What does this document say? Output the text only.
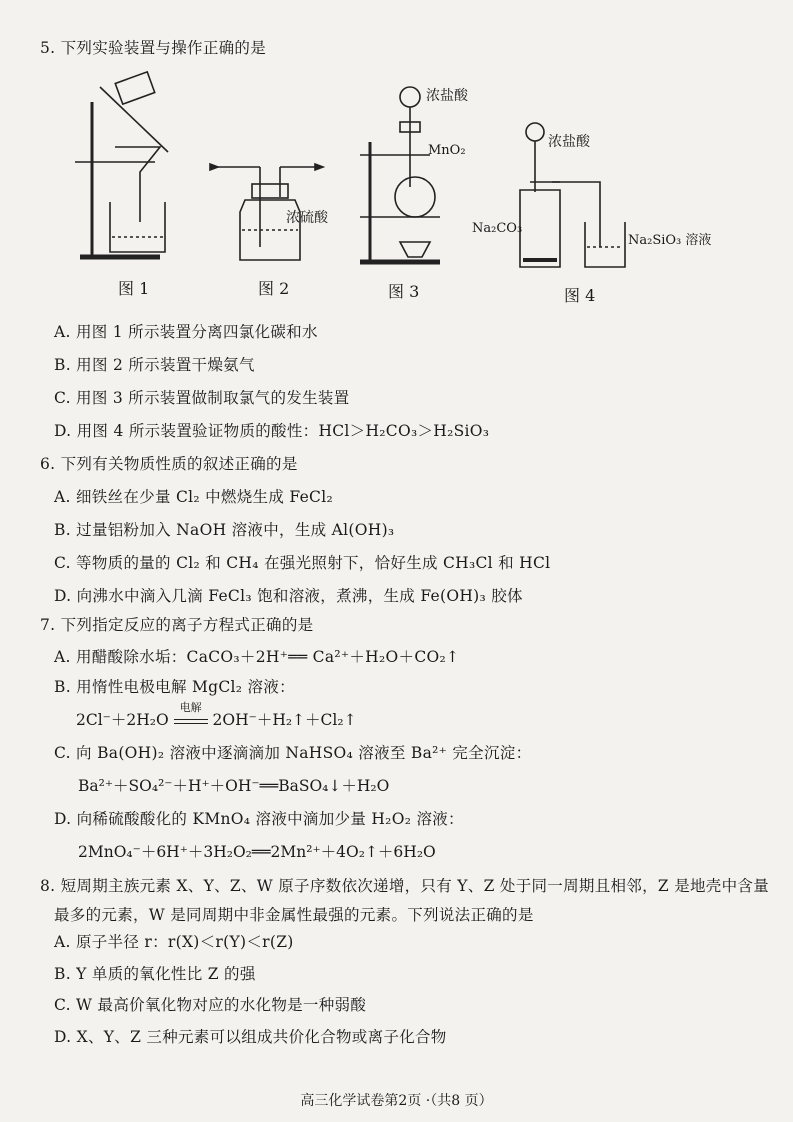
5. 下列实验装置与操作正确的是
浓盐酸
MnO₂
浓硫酸
浓盐酸
Na₂CO₃
Na₂SiO₃ 溶液
图 1	图 2	图 3	图 4
A. 用图 1 所示装置分离四氯化碳和水
B. 用图 2 所示装置干燥氨气
C. 用图 3 所示装置做制取氯气的发生装置
D. 用图 4 所示装置验证物质的酸性：HCl＞H₂CO₃＞H₂SiO₃
6. 下列有关物质性质的叙述正确的是
A. 细铁丝在少量 Cl₂ 中燃烧生成 FeCl₂
B. 过量铝粉加入 NaOH 溶液中，生成 Al(OH)₃
C. 等物质的量的 Cl₂ 和 CH₄ 在强光照射下，恰好生成 CH₃Cl 和 HCl
D. 向沸水中滴入几滴 FeCl₃ 饱和溶液，煮沸，生成 Fe(OH)₃ 胶体
7. 下列指定反应的离子方程式正确的是
A. 用醋酸除水垢：CaCO₃＋2H⁺══ Ca²⁺＋H₂O＋CO₂↑
B. 用惰性电极电解 MgCl₂ 溶液：
2Cl⁻＋2H₂O
电解
2OH⁻＋H₂↑＋Cl₂↑
C. 向 Ba(OH)₂ 溶液中逐滴滴加 NaHSO₄ 溶液至 Ba²⁺ 完全沉淀：
Ba²⁺＋SO₄²⁻＋H⁺＋OH⁻══BaSO₄↓＋H₂O
D. 向稀硫酸酸化的 KMnO₄ 溶液中滴加少量 H₂O₂ 溶液：
2MnO₄⁻＋6H⁺＋3H₂O₂══2Mn²⁺＋4O₂↑＋6H₂O
8. 短周期主族元素 X、Y、Z、W 原子序数依次递增，只有 Y、Z 处于同一周期且相邻，Z 是地壳中含量
最多的元素，W 是同周期中非金属性最强的元素。下列说法正确的是
A. 原子半径 r：r(X)＜r(Y)＜r(Z)
B. Y 单质的氧化性比 Z 的强
C. W 最高价氧化物对应的水化物是一种弱酸
D. X、Y、Z 三种元素可以组成共价化合物或离子化合物
高三化学试卷第2页 ·（共8 页）
